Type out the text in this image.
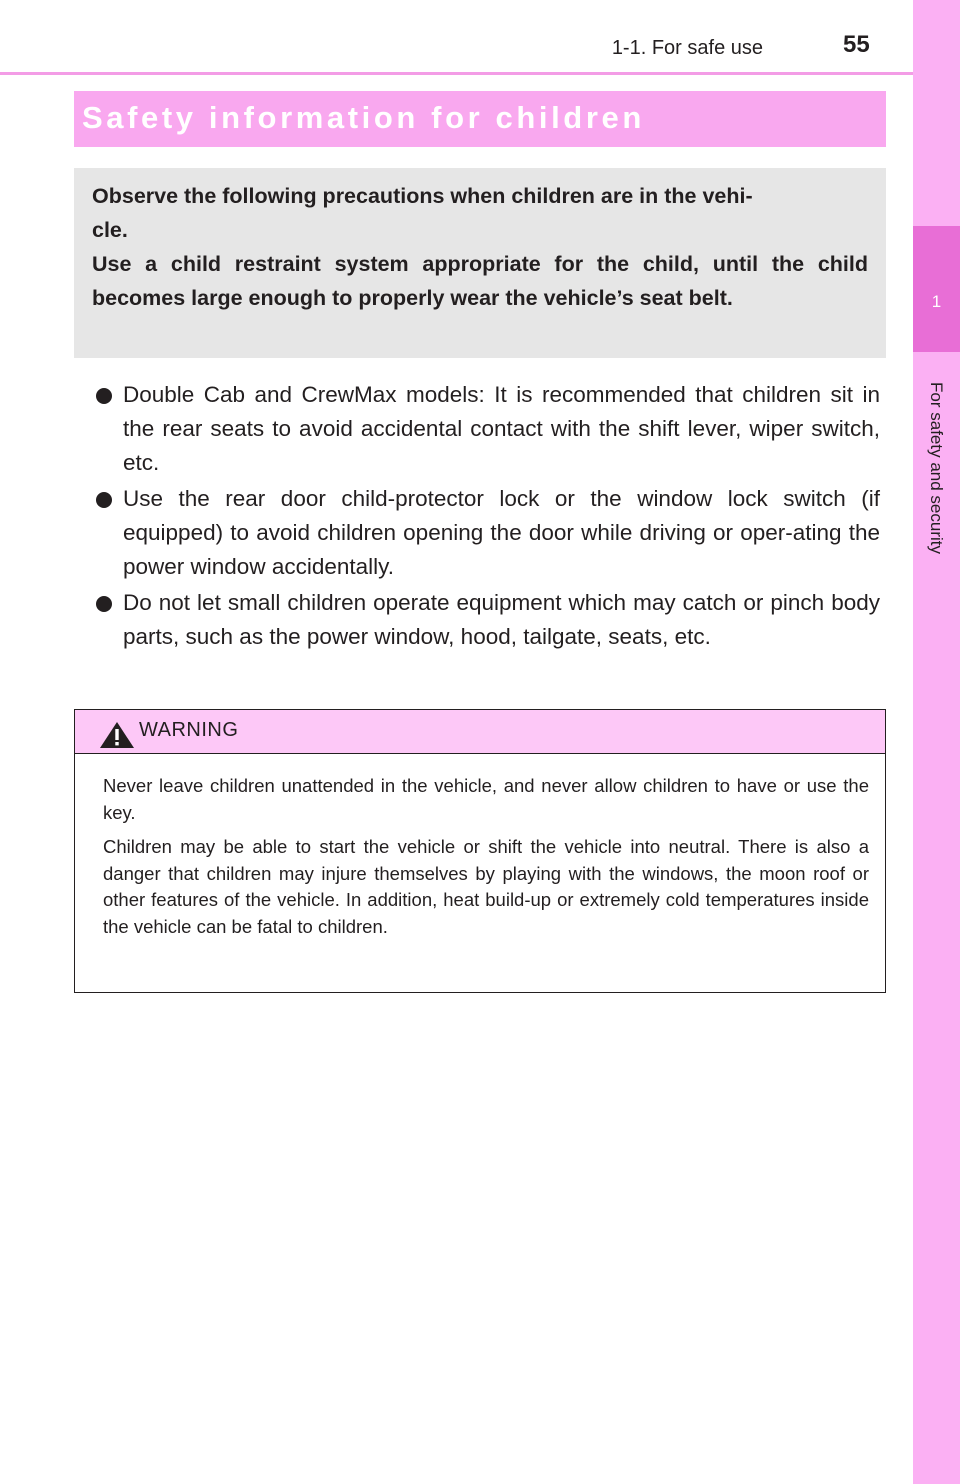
1
For safety and security
1-1. For safe use	55
Safety information for children

Observe the following precautions when children are in the vehi-
cle.
Use a child restraint system appropriate for the child, until the child becomes large enough to properly wear the vehicle’s seat belt.

Double Cab and CrewMax models: It is recommended that children sit in the rear seats to avoid accidental contact with the shift lever, wiper switch, etc.
Use the rear door child-protector lock or the window lock switch (if equipped) to avoid children opening the door while driving or oper-ating the power window accidentally.
Do not let small children operate equipment which may catch or pinch body parts, such as the power window, hood, tailgate, seats, etc.
WARNING

Never leave children unattended in the vehicle, and never allow children to have or use the key.

Children may be able to start the vehicle or shift the vehicle into neutral. There is also a danger that children may injure themselves by playing with the windows, the moon roof or other features of the vehicle. In addition, heat build-up or extremely cold temperatures inside the vehicle can be fatal to children.
